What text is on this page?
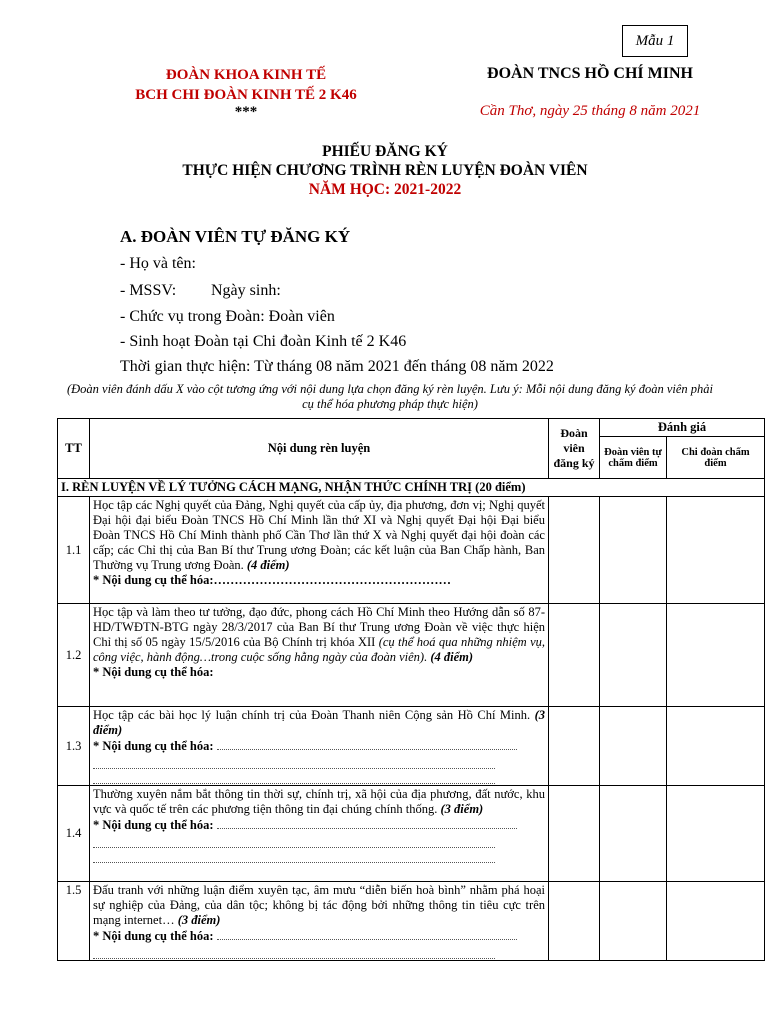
Mẫu 1
ĐOÀN KHOA KINH TẾ
BCH CHI ĐOÀN KINH TẾ 2 K46
***
ĐOÀN TNCS HỒ CHÍ MINH
Cần Thơ, ngày 25 tháng 8 năm 2021
PHIẾU ĐĂNG KÝ
THỰC HIỆN CHƯƠNG TRÌNH RÈN LUYỆN ĐOÀN VIÊN
NĂM HỌC: 2021-2022
A. ĐOÀN VIÊN TỰ ĐĂNG KÝ
- Họ và tên:
- MSSV: Ngày sinh:
- Chức vụ trong Đoàn: Đoàn viên
- Sinh hoạt Đoàn tại Chi đoàn Kinh tế 2 K46
Thời gian thực hiện: Từ tháng 08 năm 2021 đến tháng 08 năm 2022
(Đoàn viên đánh dấu X vào cột tương ứng với nội dung lựa chọn đăng ký rèn luyện. Lưu ý: Mỗi nội dung đăng ký đoàn viên phải cụ thể hóa phương pháp thực hiện)
TT	Nội dung rèn luyện	Đoàn viên đăng ký	Đánh giá	
			Đoàn viên tự chấm điểm	Chi đoàn chấm điểm
I. RÈN LUYỆN VỀ LÝ TƯỞNG CÁCH MẠNG, NHẬN THỨC CHÍNH TRỊ (20 điểm)				
1.1	Học tập các Nghị quyết của Đảng, Nghị quyết của cấp ủy, địa phương, đơn vị; Nghị quyết Đại hội đại biểu Đoàn TNCS Hồ Chí Minh lần thứ XI và Nghị quyết Đại hội Đại biểu Đoàn TNCS Hồ Chí Minh thành phố Cần Thơ lần thứ X và Nghị quyết đại hội đoàn các cấp; các Chỉ thị của Ban Bí thư Trung ương Đoàn; các kết luận của Ban Chấp hành, Ban Thường vụ Trung ương Đoàn. (4 điểm)
* Nội dung cụ thể hóa:…………………………………………………			
1.2	Học tập và làm theo tư tưởng, đạo đức, phong cách Hồ Chí Minh theo Hướng dẫn số 87-HD/TWĐTN-BTG ngày 28/3/2017 của Ban Bí thư Trung ương Đoàn về việc thực hiện Chỉ thị số 05 ngày 15/5/2016 của Bộ Chính trị khóa XII (cụ thể hoá qua những nhiệm vụ, công việc, hành động…trong cuộc sống hằng ngày của đoàn viên). (4 điểm)
* Nội dung cụ thể hóa:			
1.3	Học tập các bài học lý luận chính trị của Đoàn Thanh niên Cộng sản Hồ Chí Minh. (3 điểm)
* Nội dung cụ thể hóa:

1.4	Thường xuyên nắm bắt thông tin thời sự, chính trị, xã hội của địa phương, đất nước, khu vực và quốc tế trên các phương tiện thông tin đại chúng chính thống. (3 điểm)
* Nội dung cụ thể hóa:

1.5	Đấu tranh với những luận điểm xuyên tạc, âm mưu “diễn biến hoà bình” nhằm phá hoại sự nghiệp của Đảng, của dân tộc; không bị tác động bởi những thông tin tiêu cực trên mạng internet… (3 điểm)
* Nội dung cụ thể hóa:
